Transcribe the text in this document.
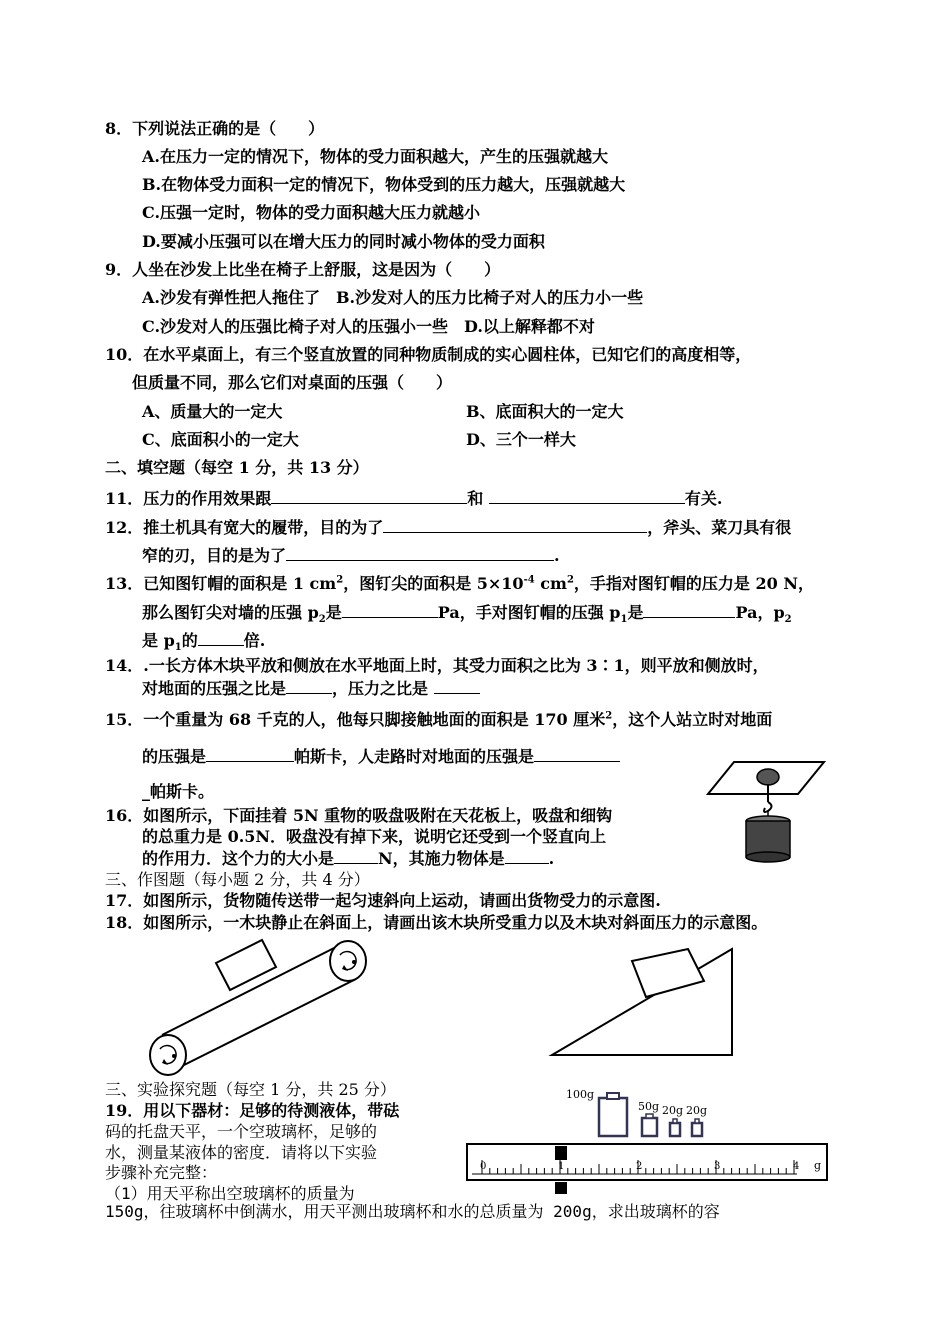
8．下列说法正确的是（　　）
A.在压力一定的情况下，物体的受力面积越大，产生的压强就越大
B.在物体受力面积一定的情况下，物体受到的压力越大，压强就越大
C.压强一定时，物体的受力面积越大压力就越小
D.要减小压强可以在增大压力的同时减小物体的受力面积
9．人坐在沙发上比坐在椅子上舒服，这是因为（　　）
A.沙发有弹性把人拖住了　B.沙发对人的压力比椅子对人的压力小一些
C.沙发对人的压强比椅子对人的压强小一些　D.以上解释都不对
10．在水平桌面上，有三个竖直放置的同种物质制成的实心圆柱体，已知它们的高度相等，
但质量不同，那么它们对桌面的压强（　　）
A、质量大的一定大	B、底面积大的一定大
C、底面积小的一定大	D、三个一样大
二、填空题（每空 1 分，共 13 分）
11．压力的作用效果跟	和	有关.
12．推土机具有宽大的履带，目的为了	，斧头、菜刀具有很
窄的刃，目的是为了	.
13．已知图钉帽的面积是 1 $cm^2$，图钉尖的面积是 $5\times 10^{-4}$ $cm^2$，手指对图钉帽的压力是 20 N，
那么图钉尖对墙的压强 $p_2$是	Pa，手对图钉帽的压强 $p_1$是	Pa，$p_2$
是 $p_1$的	倍.
14．.一长方体木块平放和侧放在水平地面上时，其受力面积之比为 3∶1，则平放和侧放时，
对地面的压强之比是	，压力之比是
15．一个重量为 68 千克的人，他每只脚接触地面的面积是 170 厘米$^2$，这个人站立时对地面
的压强是	帕斯卡，人走路时对地面的压强是
_帕斯卡。
16．如图所示，下面挂着 5N 重物的吸盘吸附在天花板上，吸盘和细钩
的总重力是 0.5N．吸盘没有掉下来，说明它还受到一个竖直向上
的作用力．这个力的大小是	N，其施力物体是	.
三、作图题（每小题 2 分，共 4 分）
17．如图所示，货物随传送带一起匀速斜向上运动，请画出货物受力的示意图.
18．如图所示，一木块静止在斜面上，请画出该木块所受重力以及木块对斜面压力的示意图。
三、实验探究题（每空 1 分，共 25 分）
19．用以下器材：足够的待测液体，带砝
码的托盘天平，一个空玻璃杯，足够的
水，测量某液体的密度．请将以下实验
步骤补充完整：
（1）用天平称出空玻璃杯的质量为
150g，往玻璃杯中倒满水，用天平测出玻璃杯和水的总质量为 200g，求出玻璃杯的容
100g
50g 20g 20g
0	1	2	3	4 g
